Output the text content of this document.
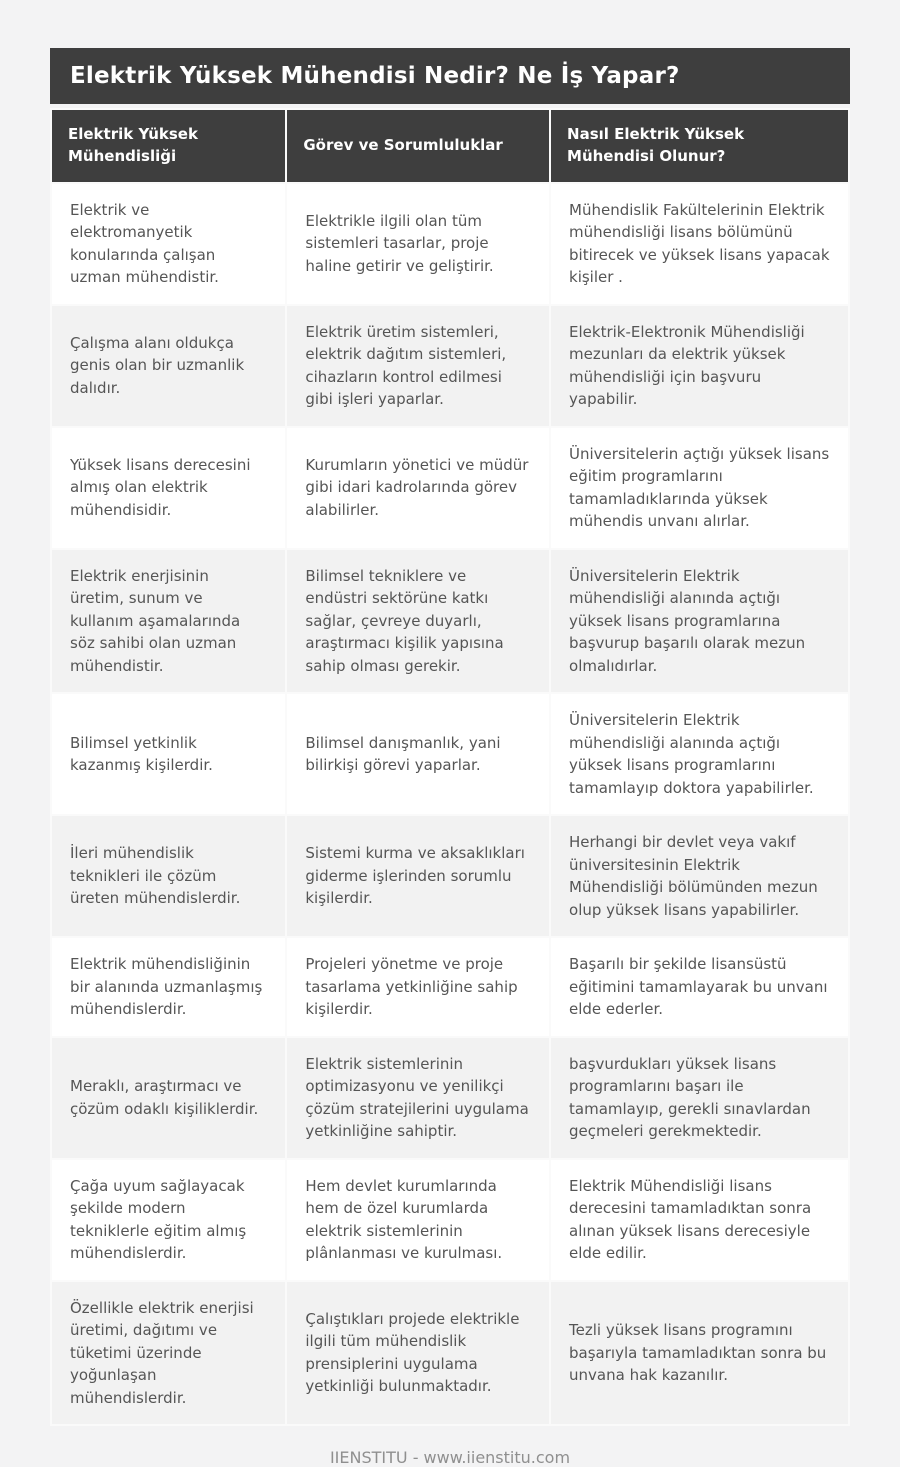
Elektrik Yüksek Mühendisi Nedir? Ne İş Yapar?
Elektrik Yüksek Mühendisliği	Görev ve Sorumluluklar	Nasıl Elektrik Yüksek Mühendisi Olunur?
Elektrik ve elektromanyetik konularında çalışan uzman mühendistir.	Elektrikle ilgili olan tüm sistemleri tasarlar, proje haline getirir ve geliştirir.	Mühendislik Fakültelerinin Elektrik mühendisliği lisans bölümünü bitirecek ve yüksek lisans yapacak kişiler .
Çalışma alanı oldukça genis olan bir uzmanlik dalıdır.	Elektrik üretim sistemleri, elektrik dağıtım sistemleri, cihazların kontrol edilmesi gibi işleri yaparlar.	Elektrik-Elektronik Mühendisliği mezunları da elektrik yüksek mühendisliği için başvuru yapabilir.
Yüksek lisans derecesini almış olan elektrik mühendisidir.	Kurumların yönetici ve müdür gibi idari kadrolarında görev alabilirler.	Üniversitelerin açtığı yüksek lisans eğitim programlarını tamamladıklarında yüksek mühendis unvanı alırlar.
Elektrik enerjisinin üretim, sunum ve kullanım aşamalarında söz sahibi olan uzman mühendistir.	Bilimsel tekniklere ve endüstri sektörüne katkı sağlar, çevreye duyarlı, araştırmacı kişilik yapısına sahip olması gerekir.	Üniversitelerin Elektrik mühendisliği alanında açtığı yüksek lisans programlarına başvurup başarılı olarak mezun olmalıdırlar.
Bilimsel yetkinlik kazanmış kişilerdir.	Bilimsel danışmanlık, yani bilirkişi görevi yaparlar.	Üniversitelerin Elektrik mühendisliği alanında açtığı yüksek lisans programlarını tamamlayıp doktora yapabilirler.
İleri mühendislik teknikleri ile çözüm üreten mühendislerdir.	Sistemi kurma ve aksaklıkları giderme işlerinden sorumlu kişilerdir.	Herhangi bir devlet veya vakıf üniversitesinin Elektrik Mühendisliği bölümünden mezun olup yüksek lisans yapabilirler.
Elektrik mühendisliğinin bir alanında uzmanlaşmış mühendislerdir.	Projeleri yönetme ve proje tasarlama yetkinliğine sahip kişilerdir.	Başarılı bir şekilde lisansüstü eğitimini tamamlayarak bu unvanı elde ederler.
Meraklı, araştırmacı ve çözüm odaklı kişiliklerdir.	Elektrik sistemlerinin optimizasyonu ve yenilikçi çözüm stratejilerini uygulama yetkinliğine sahiptir.	başvurdukları yüksek lisans programlarını başarı ile tamamlayıp, gerekli sınavlardan geçmeleri gerekmektedir.
Çağa uyum sağlayacak şekilde modern tekniklerle eğitim almış mühendislerdir.	Hem devlet kurumlarında hem de özel kurumlarda elektrik sistemlerinin plânlanması ve kurulması.	Elektrik Mühendisliği lisans derecesini tamamladıktan sonra alınan yüksek lisans derecesiyle elde edilir.
Özellikle elektrik enerjisi üretimi, dağıtımı ve tüketimi üzerinde yoğunlaşan mühendislerdir.	Çalıştıkları projede elektrikle ilgili tüm mühendislik prensiplerini uygulama yetkinliği bulunmaktadır.	Tezli yüksek lisans programını başarıyla tamamladıktan sonra bu unvana hak kazanılır.
IIENSTITU - www.iienstitu.com
